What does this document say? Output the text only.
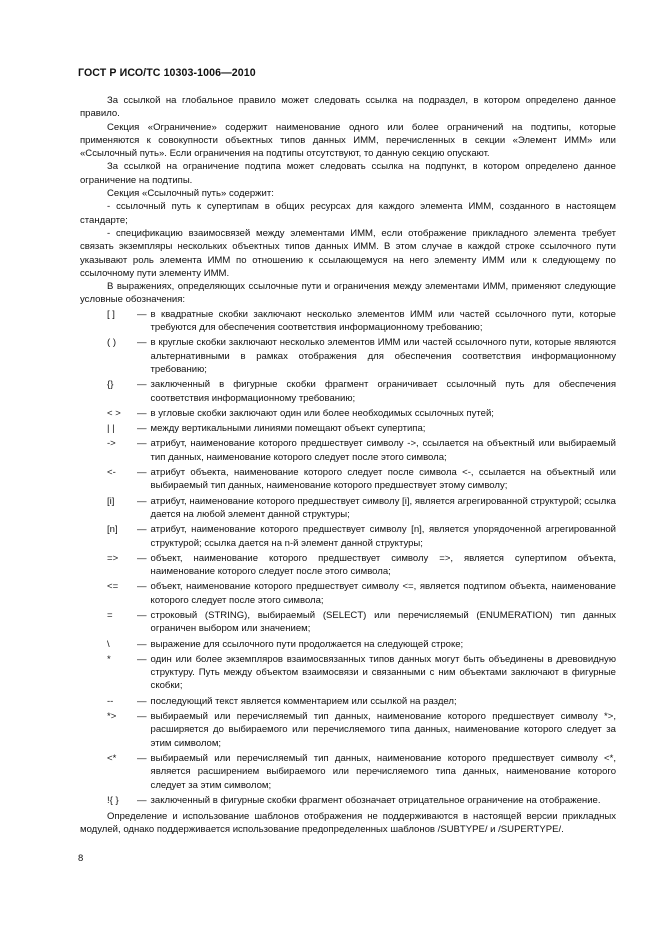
ГОСТ Р ИСО/ТС 10303-1006—2010

За ссылкой на глобальное правило может следовать ссылка на подраздел, в котором определено данное правило.

Секция «Ограничение» содержит наименование одного или более ограничений на подтипы, которые применяются к совокупности объектных типов данных ИММ, перечисленных в секции «Элемент ИММ» или «Ссылочный путь». Если ограничения на подтипы отсутствуют, то данную секцию опускают.

За ссылкой на ограничение подтипа может следовать ссылка на подпункт, в котором определено данное ограничение на подтипы.

Секция «Ссылочный путь» содержит:

- ссылочный путь к супертипам в общих ресурсах для каждого элемента ИММ, созданного в настоящем стандарте;

- спецификацию взаимосвязей между элементами ИММ, если отображение прикладного элемента требует связать экземпляры нескольких объектных типов данных ИММ. В этом случае в каждой строке ссылочного пути указывают роль элемента ИММ по отношению к ссылающемуся на него элементу ИММ или к следующему по ссылочному пути элементу ИММ.

В выражениях, определяющих ссылочные пути и ограничения между элементами ИММ, применяют следующие условные обозначения:

[ ]	— в квадратные скобки заключают несколько элементов ИММ или частей ссылочного пути, которые требуются для обеспечения соответствия информационному требованию;
( )	— в круглые скобки заключают несколько элементов ИММ или частей ссылочного пути, которые являются альтернативными в рамках отображения для обеспечения соответствия информационному требованию;
{}	— заключенный в фигурные скобки фрагмент ограничивает ссылочный путь для обеспечения соответствия информационному требованию;
< >	— в угловые скобки заключают один или более необходимых ссылочных путей;
| |	— между вертикальными линиями помещают объект супертипа;
->	— атрибут, наименование которого предшествует символу ->, ссылается на объектный или выбираемый тип данных, наименование которого следует после этого символа;
<-	— атрибут объекта, наименование которого следует после символа <-, ссылается на объектный или выбираемый тип данных, наименование которого предшествует этому символу;
[i]	— атрибут, наименование которого предшествует символу [i], является агрегированной структурой; ссылка дается на любой элемент данной структуры;
[n]	— атрибут, наименование которого предшествует символу [n], является упорядоченной агрегированной структурой; ссылка дается на n-й элемент данной структуры;
=>	— объект, наименование которого предшествует символу =>, является супертипом объекта, наименование которого следует после этого символа;
<=	— объект, наименование которого предшествует символу <=, является подтипом объекта, наименование которого следует после этого символа;
=	— строковый (STRING), выбираемый (SELECT) или перечисляемый (ENUMERATION) тип данных ограничен выбором или значением;
\	— выражение для ссылочного пути продолжается на следующей строке;
*	— один или более экземпляров взаимосвязанных типов данных могут быть объединены в древовидную структуру. Путь между объектом взаимосвязи и связанными с ним объектами заключают в фигурные скобки;
--	— последующий текст является комментарием или ссылкой на раздел;
*>	— выбираемый или перечисляемый тип данных, наименование которого предшествует символу *>, расширяется до выбираемого или перечисляемого типа данных, наименование которого следует за этим символом;
<*	— выбираемый или перечисляемый тип данных, наименование которого предшествует символу <*, является расширением выбираемого или перечисляемого типа данных, наименование которого следует за этим символом;
!{ }	— заключенный в фигурные скобки фрагмент обозначает отрицательное ограничение на отображение.

Определение и использование шаблонов отображения не поддерживаются в настоящей версии прикладных модулей, однако поддерживается использование предопределенных шаблонов /SUBTYPE/ и /SUPERTYPE/.

8
